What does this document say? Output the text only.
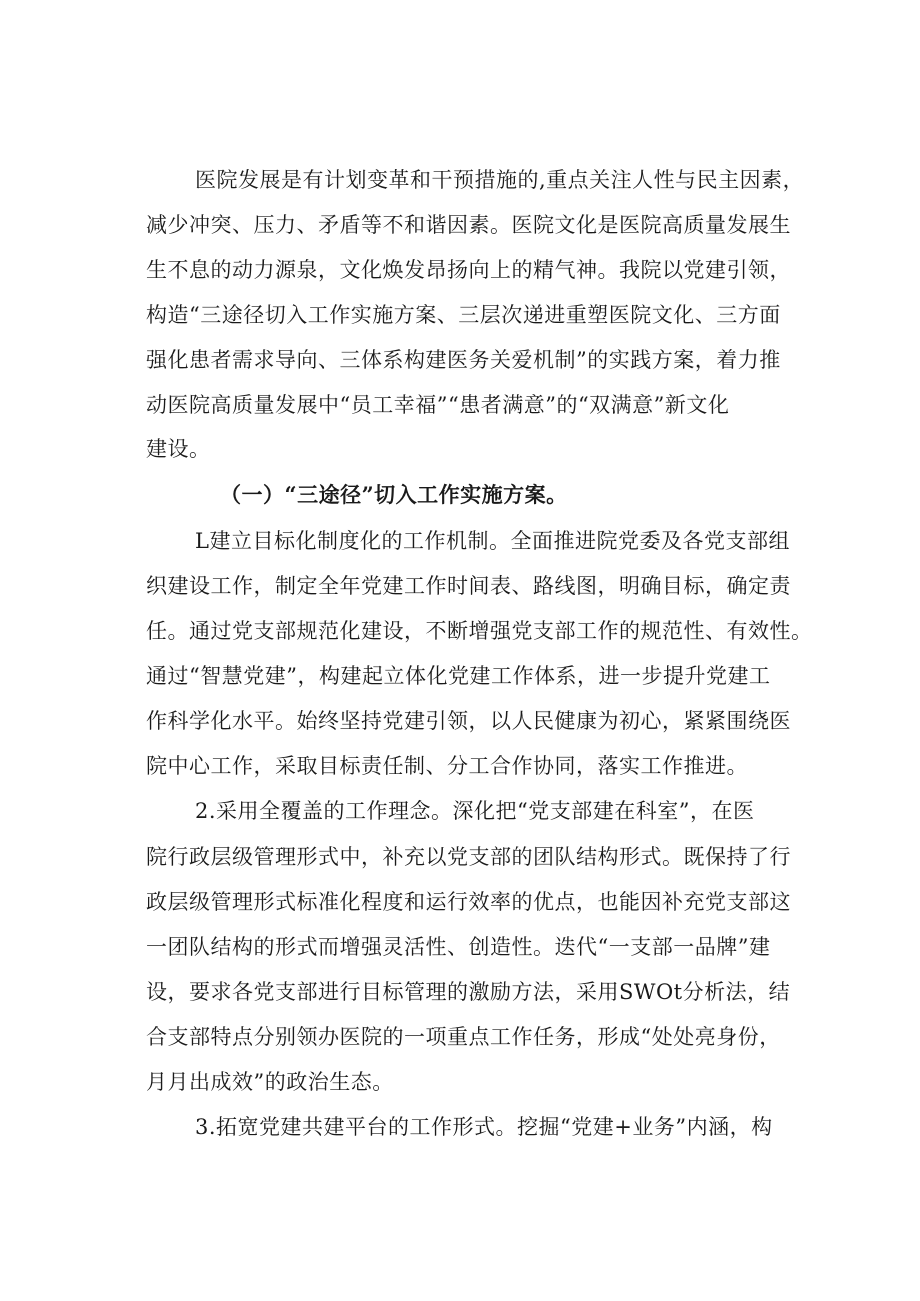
医院发展是有计划变革和干预措施的,重点关注人性与民主因素，
减少冲突、压力、矛盾等不和谐因素。医院文化是医院高质量发展生
生不息的动力源泉，文化焕发昂扬向上的精气神。我院以党建引领，
构造“三途径切入工作实施方案、三层次递进重塑医院文化、三方面
强化患者需求导向、三体系构建医务关爱机制”的实践方案，着力推
动医院高质量发展中“员工幸福”“患者满意”的“双满意”新文化
建设。
（一）“三途径”切入工作实施方案。
L建立目标化制度化的工作机制。全面推进院党委及各党支部组
织建设工作，制定全年党建工作时间表、路线图，明确目标，确定责
任。通过党支部规范化建设，不断增强党支部工作的规范性、有效性。
通过“智慧党建”，构建起立体化党建工作体系，进一步提升党建工
作科学化水平。始终坚持党建引领，以人民健康为初心，紧紧围绕医
院中心工作，采取目标责任制、分工合作协同，落实工作推进。
2.采用全覆盖的工作理念。深化把“党支部建在科室”，在医
院行政层级管理形式中，补充以党支部的团队结构形式。既保持了行
政层级管理形式标准化程度和运行效率的优点，也能因补充党支部这
一团队结构的形式而增强灵活性、创造性。迭代“一支部一品牌”建
设，要求各党支部进行目标管理的激励方法，采用SWOt分析法，结
合支部特点分别领办医院的一项重点工作任务，形成“处处亮身份，
月月出成效”的政治生态。
3.拓宽党建共建平台的工作形式。挖掘“党建+业务”内涵，构
